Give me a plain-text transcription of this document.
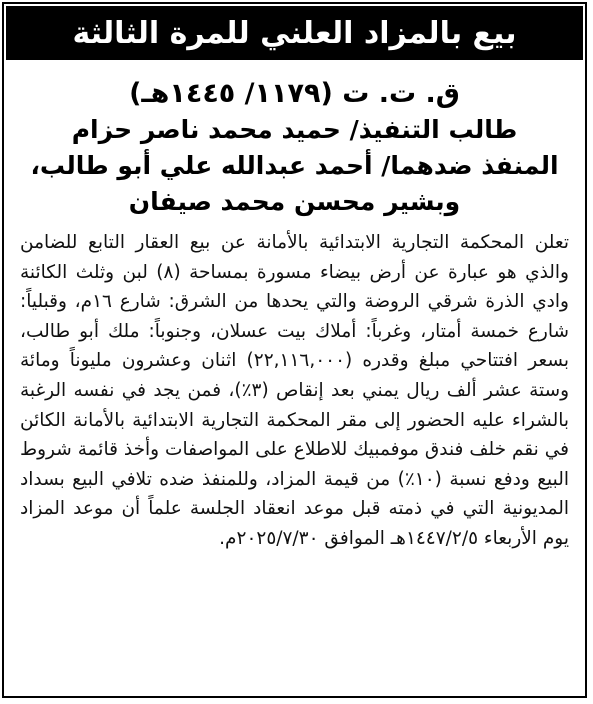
بيع بالمزاد العلني للمرة الثالثة
ق. ت. ت (١١٧٩/ ١٤٤٥هـ)
طالب التنفيذ/ حميد محمد ناصر حزام
المنفذ ضدهما/ أحمد عبدالله علي أبو طالب،
وبشير محسن محمد صيفان

تعلن المحكمة التجارية الابتدائية بالأمانة عن بيع العقار التابع للضامن والذي هو عبارة عن أرض بيضاء مسورة بمساحة (٨) لبن وثلث الكائنة وادي الذرة شرقي الروضة والتي يحدها من الشرق: شارع ١٦م، وقبلياً: شارع خمسة أمتار، وغرباً: أملاك بيت عسلان، وجنوباً: ملك أبو طالب، بسعر افتتاحي مبلغ وقدره (٢٢,١١٦,٠٠٠) اثنان وعشرون مليوناً ومائة وستة عشر ألف ريال يمني بعد إنقاص (٣٪)، فمن يجد في نفسه الرغبة بالشراء عليه الحضور إلى مقر المحكمة التجارية الابتدائية بالأمانة الكائن في نقم خلف فندق موفمبيك للاطلاع على المواصفات وأخذ قائمة شروط البيع ودفع نسبة (١٠٪) من قيمة المزاد، وللمنفذ ضده تلافي البيع بسداد المديونية التي في ذمته قبل موعد انعقاد الجلسة علماً أن موعد المزاد يوم الأربعاء ١٤٤٧/٢/٥هـ الموافق ٢٠٢٥/٧/٣٠م.
